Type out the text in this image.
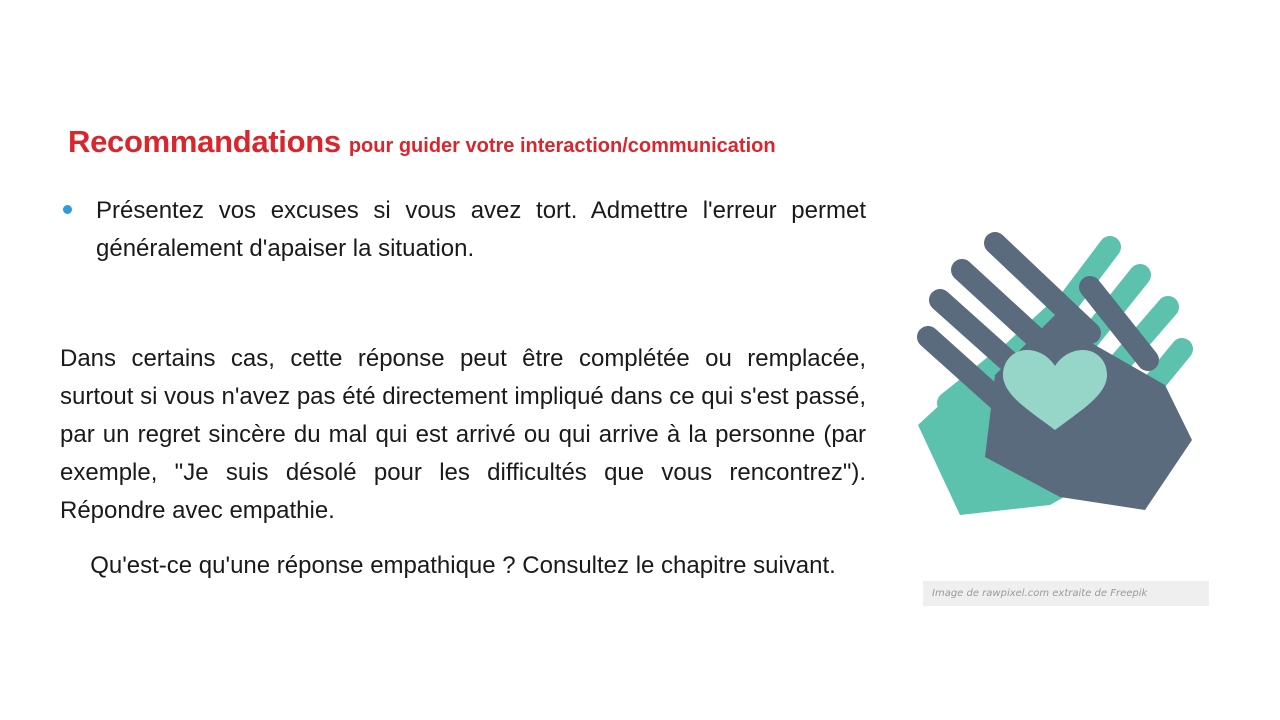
Recommandations pour guider votre interaction/communication
Présentez vos excuses si vous avez tort. Admettre l'erreur permet généralement d'apaiser la situation.
Dans certains cas, cette réponse peut être complétée ou remplacée, surtout si vous n'avez pas été directement impliqué dans ce qui s'est passé, par un regret sincère du mal qui est arrivé ou qui arrive à la personne (par exemple, "Je suis désolé pour les difficultés que vous rencontrez"). Répondre avec empathie.
Qu'est-ce qu'une réponse empathique ? Consultez le chapitre suivant.
Image de rawpixel.com extraite de Freepik
